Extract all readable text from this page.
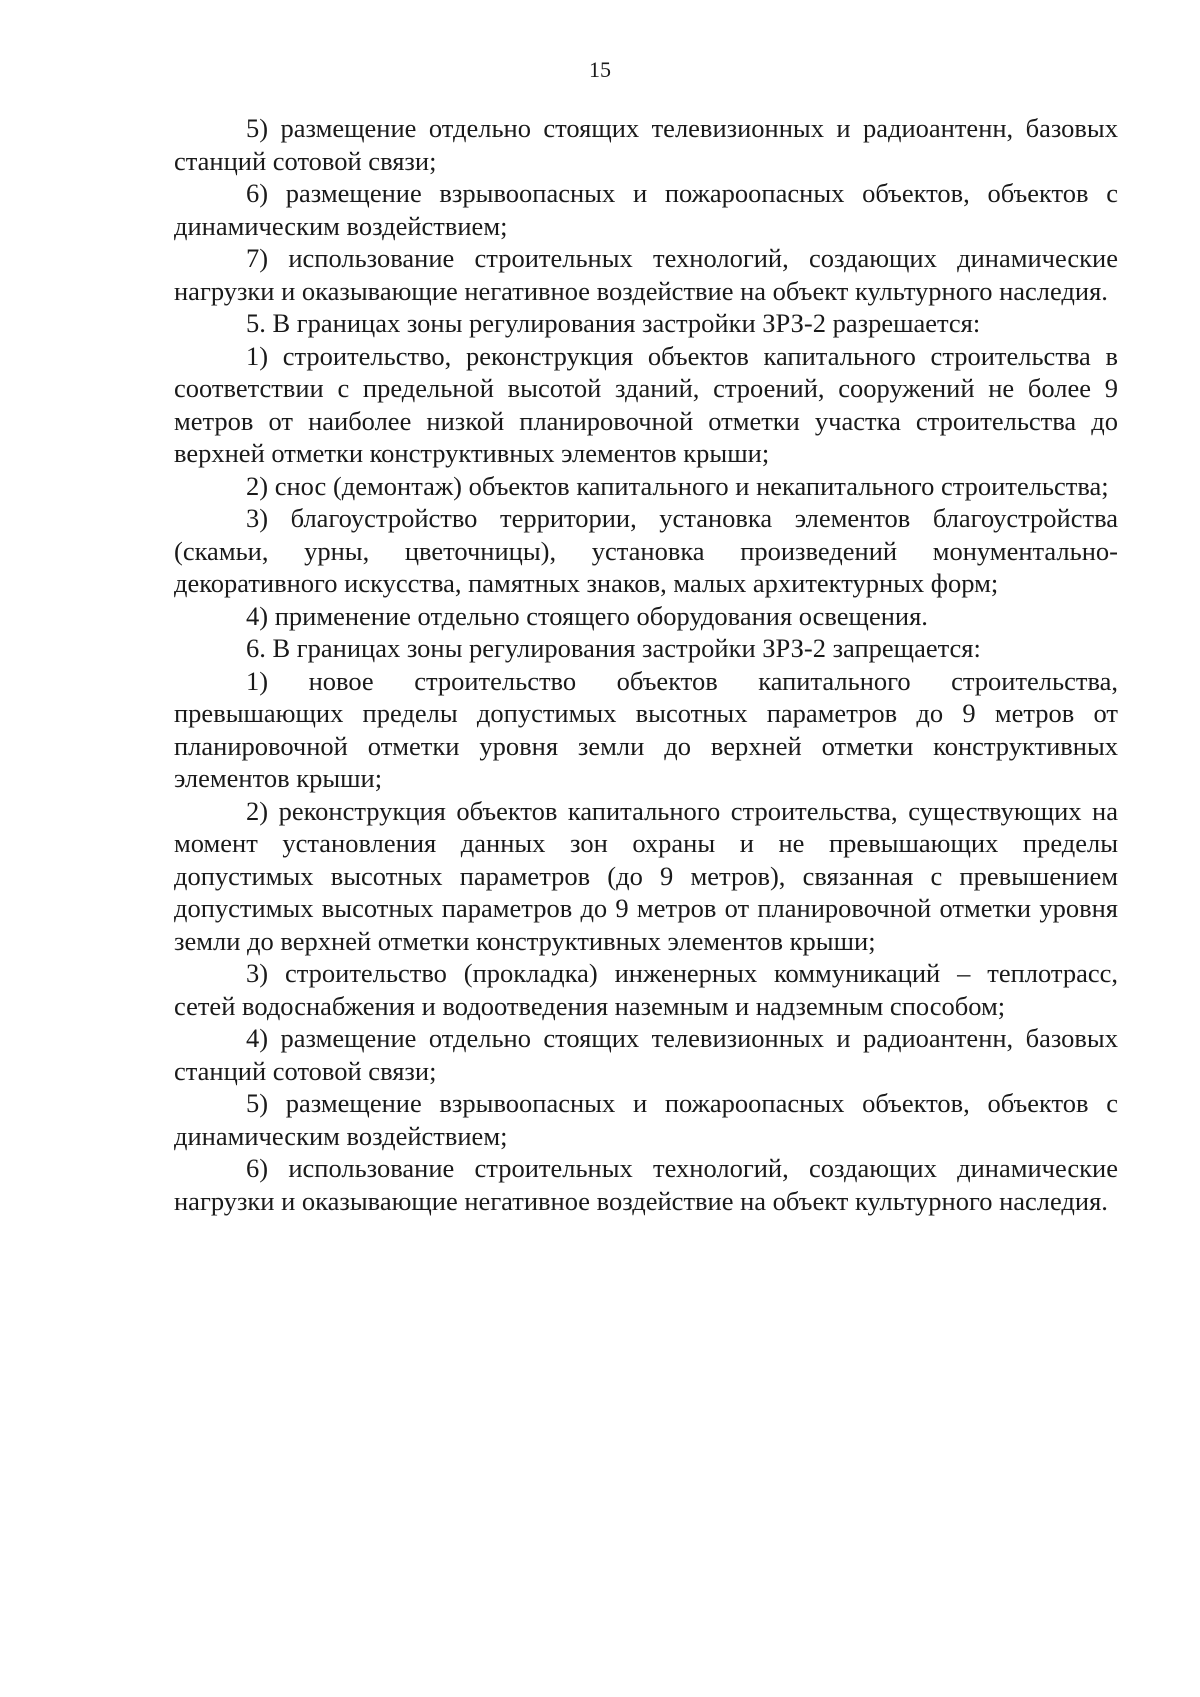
15

5) размещение отдельно стоящих телевизионных и радиоантенн, базовых станций сотовой связи;

6) размещение взрывоопасных и пожароопасных объектов, объектов с динамическим воздействием;

7) использование строительных технологий, создающих динамические нагрузки и оказывающие негативное воздействие на объект культурного наследия.

5. В границах зоны регулирования застройки ЗРЗ-2 разрешается:

1) строительство, реконструкция объектов капитального строительства в соответствии с предельной высотой зданий, строений, сооружений не более 9 метров от наиболее низкой планировочной отметки участка строительства до верхней отметки конструктивных элементов крыши;

2) снос (демонтаж) объектов капитального и некапитального строительства;

3) благоустройство территории, установка элементов благоустройства (скамьи, урны, цветочницы), установка произведений монументально-декоративного искусства, памятных знаков, малых архитектурных форм;

4) применение отдельно стоящего оборудования освещения.

6. В границах зоны регулирования застройки ЗРЗ-2 запрещается:

1) новое строительство объектов капитального строительства, превышающих пределы допустимых высотных параметров до 9 метров от планировочной отметки уровня земли до верхней отметки конструктивных элементов крыши;

2) реконструкция объектов капитального строительства, существующих на момент установления данных зон охраны и не превышающих пределы допустимых высотных параметров (до 9 метров), связанная с превышением допустимых высотных параметров до 9 метров от планировочной отметки уровня земли до верхней отметки конструктивных элементов крыши;

3) строительство (прокладка) инженерных коммуникаций – теплотрасс, сетей водоснабжения и водоотведения наземным и надземным способом;

4) размещение отдельно стоящих телевизионных и радиоантенн, базовых станций сотовой связи;

5) размещение взрывоопасных и пожароопасных объектов, объектов с динамическим воздействием;

6) использование строительных технологий, создающих динамические нагрузки и оказывающие негативное воздействие на объект культурного наследия.
